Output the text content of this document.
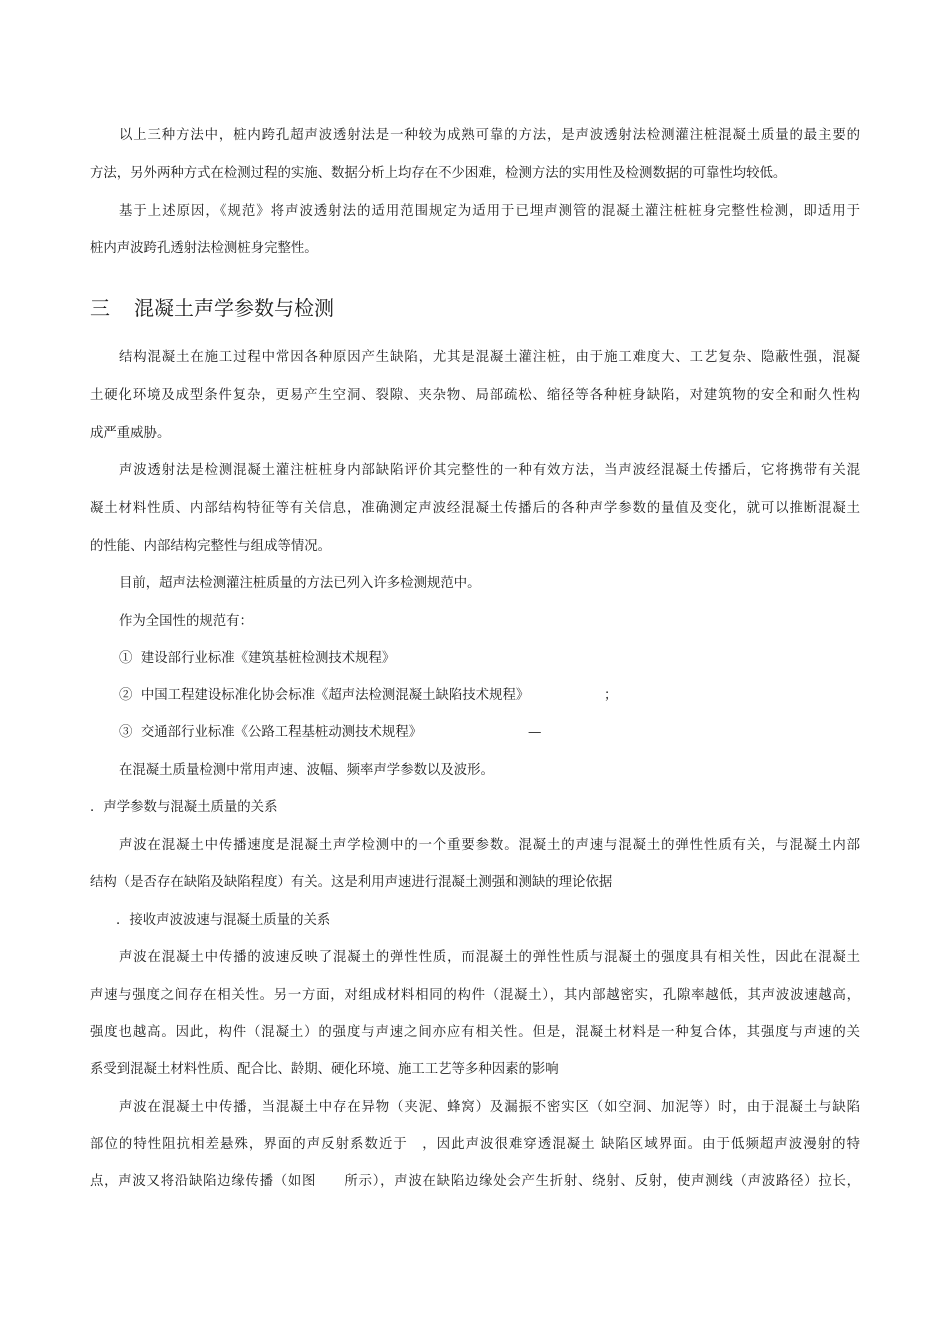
以上三种方法中，桩内跨孔超声波透射法是一种较为成熟可靠的方法，是声波透射法检测灌注桩混凝土质量的最主要的
方法，另外两种方式在检测过程的实施、数据分析上均存在不少困难，检测方法的实用性及检测数据的可靠性均较低。
基于上述原因，《规范》将声波透射法的适用范围规定为适用于已埋声测管的混凝土灌注桩桩身完整性检测，即适用于
桩内声波跨孔透射法检测桩身完整性。
三 混凝土声学参数与检测
结构混凝土在施工过程中常因各种原因产生缺陷，尤其是混凝土灌注桩，由于施工难度大、工艺复杂、隐蔽性强，混凝
土硬化环境及成型条件复杂，更易产生空洞、裂隙、夹杂物、局部疏松、缩径等各种桩身缺陷，对建筑物的安全和耐久性构
成严重威胁。
声波透射法是检测混凝土灌注桩桩身内部缺陷评价其完整性的一种有效方法，当声波经混凝土传播后，它将携带有关混
凝土材料性质、内部结构特征等有关信息，准确测定声波经混凝土传播后的各种声学参数的量值及变化，就可以推断混凝土
的性能、内部结构完整性与组成等情况。
目前，超声法检测灌注桩质量的方法已列入许多检测规范中。
作为全国性的规范有：
① 建设部行业标准《建筑基桩检测技术规程》
② 中国工程建设标准化协会标准《超声法检测混凝土缺陷技术规程》	；
③ 交通部行业标准《公路工程基桩动测技术规程》	—
在混凝土质量检测中常用声速、波幅、频率声学参数以及波形。
．声学参数与混凝土质量的关系
声波在混凝土中传播速度是混凝土声学检测中的一个重要参数。混凝土的声速与混凝土的弹性性质有关，与混凝土内部
结构（是否存在缺陷及缺陷程度）有关。这是利用声速进行混凝土测强和测缺的理论依据
．接收声波波速与混凝土质量的关系
声波在混凝土中传播的波速反映了混凝土的弹性性质，而混凝土的弹性性质与混凝土的强度具有相关性，因此在混凝土
声速与强度之间存在相关性。另一方面，对组成材料相同的构件（混凝土），其内部越密实，孔隙率越低，其声波波速越高，
强度也越高。因此，构件（混凝土）的强度与声速之间亦应有相关性。但是，混凝土材料是一种复合体，其强度与声速的关
系受到混凝土材料性质、配合比、龄期、硬化环境、施工工艺等多种因素的影响
声波在混凝土中传播，当混凝土中存在异物（夹泥、蜂窝）及漏振不密实区（如空洞、加泥等）时，由于混凝土与缺陷
部位的特性阻抗相差悬殊，界面的声反射系数近于　，因此声波很难穿透混凝土 缺陷区域界面。由于低频超声波漫射的特
点，声波又将沿缺陷边缘传播（如图　　所示），声波在缺陷边缘处会产生折射、绕射、反射，使声测线（声波路径）拉长，
